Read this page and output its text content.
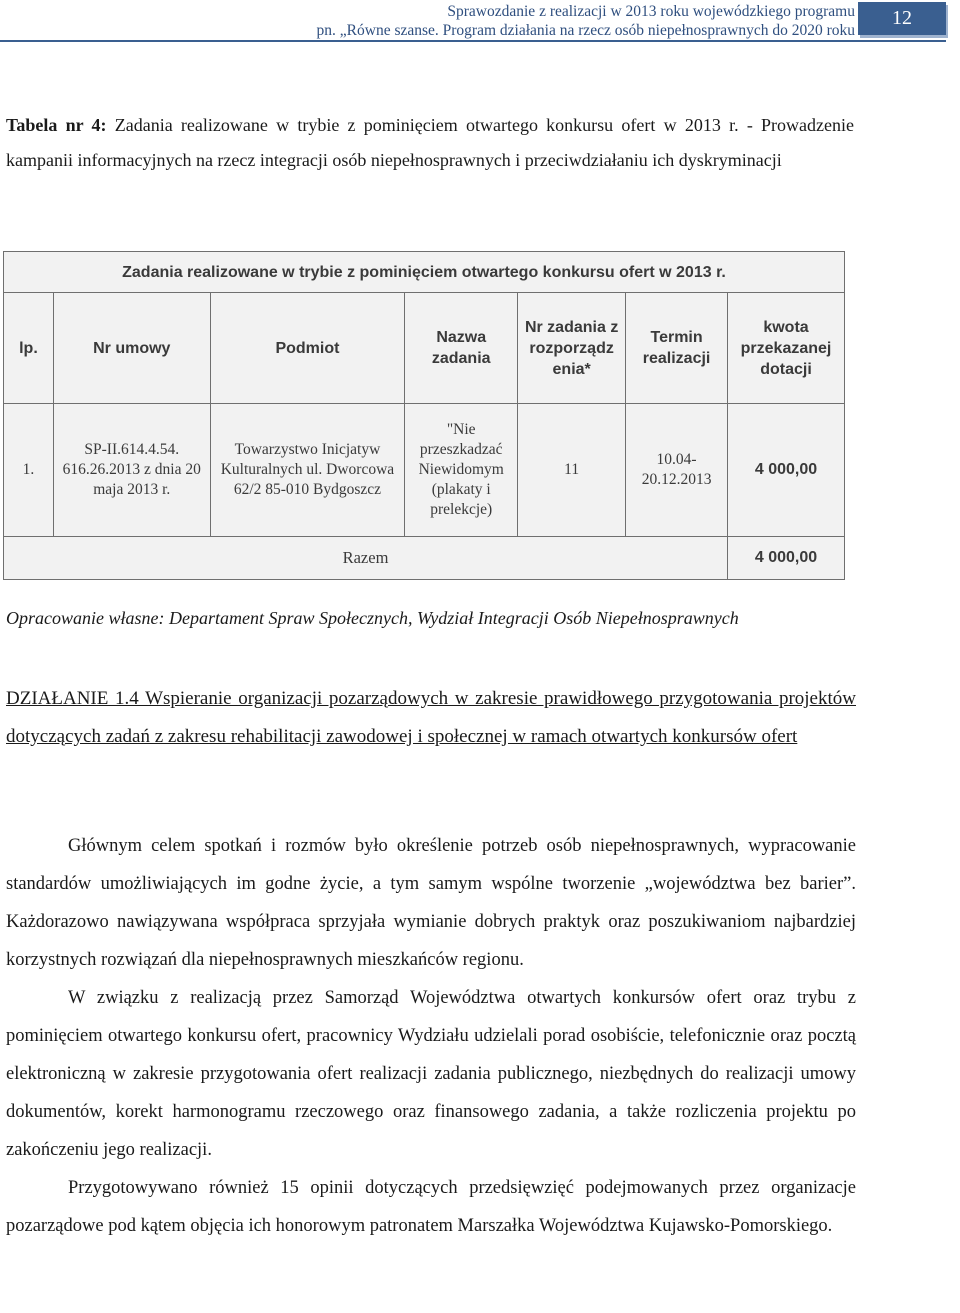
Sprawozdanie z realizacji w 2013 roku wojewódzkiego programu
pn. „Równe szanse. Program działania na rzecz osób niepełnosprawnych do 2020 roku
12
Tabela nr 4: Zadania realizowane w trybie z pominięciem otwartego konkursu ofert w 2013 r. - Prowadzenie kampanii informacyjnych na rzecz integracji osób niepełnosprawnych i przeciwdziałaniu ich dyskryminacji
Zadania realizowane w trybie z pominięciem otwartego konkursu ofert w 2013 r.						
lp.	Nr umowy	Podmiot	Nazwa zadania	Nr zadania z rozporządz enia*	Termin realizacji	kwota przekazanej dotacji
1.	SP-II.614.4.54. 616.26.2013 z dnia 20 maja 2013 r.	Towarzystwo Inicjatyw Kulturalnych ul. Dworcowa 62/2 85-010 Bydgoszcz	"Nie przeszkadzać Niewidomym (plakaty i prelekcje)	11	10.04-20.12.2013	4 000,00
Razem						4 000,00
Opracowanie własne: Departament Spraw Społecznych, Wydział Integracji Osób Niepełnosprawnych
DZIAŁANIE 1.4 Wspieranie organizacji pozarządowych w zakresie prawidłowego przygotowania projektów dotyczących zadań z zakresu rehabilitacji zawodowej i społecznej w ramach otwartych konkursów ofert

Głównym celem spotkań i rozmów było określenie potrzeb osób niepełnosprawnych, wypracowanie standardów umożliwiających im godne życie, a tym samym wspólne tworzenie „województwa bez barier”. Każdorazowo nawiązywana współpraca sprzyjała wymianie dobrych praktyk oraz poszukiwaniom najbardziej korzystnych rozwiązań dla niepełnosprawnych mieszkańców regionu.

W związku z realizacją przez Samorząd Województwa otwartych konkursów ofert oraz trybu z pominięciem otwartego konkursu ofert, pracownicy Wydziału udzielali porad osobiście, telefonicznie oraz pocztą elektroniczną w zakresie przygotowania ofert realizacji zadania publicznego, niezbędnych do realizacji umowy dokumentów, korekt harmonogramu rzeczowego oraz finansowego zadania, a także rozliczenia projektu po zakończeniu jego realizacji.

Przygotowywano również 15 opinii dotyczących przedsięwzięć podejmowanych przez organizacje pozarządowe pod kątem objęcia ich honorowym patronatem Marszałka Województwa Kujawsko-Pomorskiego.
